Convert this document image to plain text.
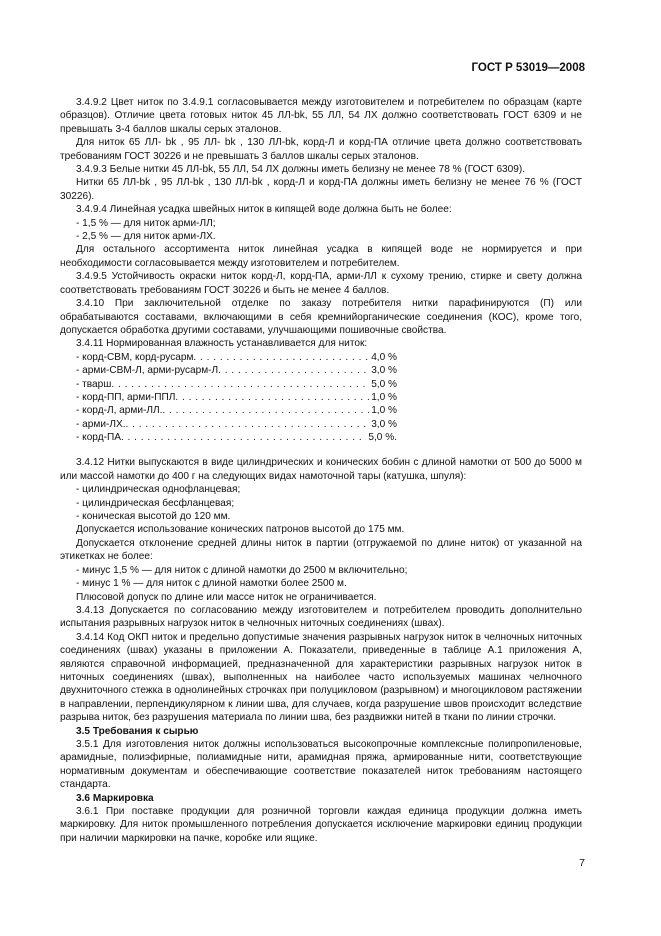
ГОСТ Р 53019—2008

3.4.9.2 Цвет ниток по 3.4.9.1 согласовывается между изготовителем и потребителем по образцам (карте образцов). Отличие цвета готовых ниток 45 ЛЛ-bk, 55 ЛЛ, 54 ЛХ должно соответствовать ГОСТ 6309 и не превышать 3-4 баллов шкалы серых эталонов.

Для ниток 65 ЛЛ- bk , 95 ЛЛ- bk , 130 ЛЛ-bk, корд-Л и корд-ПА отличие цвета должно соответствовать требованиям ГОСТ 30226 и не превышать 3 баллов шкалы серых эталонов.

3.4.9.3 Белые нитки 45 ЛЛ-bk, 55 ЛЛ, 54 ЛХ должны иметь белизну не менее 78 % (ГОСТ 6309).

Нитки 65 ЛЛ-bk , 95 ЛЛ-bk , 130 ЛЛ-bk , корд-Л и корд-ПА должны иметь белизну не менее 76 % (ГОСТ 30226).

3.4.9.4 Линейная усадка швейных ниток в кипящей воде должна быть не более:

- 1,5 % — для ниток арми-ЛЛ;

- 2,5 % — для ниток арми-ЛХ.

Для остального ассортимента ниток линейная усадка в кипящей воде не нормируется и при необходимости согласовывается между изготовителем и потребителем.

3.4.9.5 Устойчивость окраски ниток корд-Л, корд-ПА, арми-ЛЛ к сухому трению, стирке и свету должна соответствовать требованиям ГОСТ 30226 и быть не менее 4 баллов.

3.4.10 При заключительной отделке по заказу потребителя нитки парафинируются (П) или обрабатываются составами, включающими в себя кремнийорганические соединения (КОС), кроме того, допускается обработка другими составами, улучшающими пошивочные свойства.

3.4.11 Нормированная влажность устанавливается для ниток:

- корд-СВМ, корд-русарм . . .	4,0 %
- арми-СВМ-Л, арми-русарм-Л . . .	3,0 %
- тварш . . .	5,0 %
- корд-ПП, арми-ППЛ . . .	1,0 %
- корд-Л, арми-ЛЛ. . . .	1,0 %
- арми-ЛХ. . . .	3,0 %
- корд-ПА . . .	5,0 %.

3.4.12 Нитки выпускаются в виде цилиндрических и конических бобин с длиной намотки от 500 до 5000 м или массой намотки до 400 г на следующих видах намоточной тары (катушка, шпуля):

- цилиндрическая однофланцевая;

- цилиндрическая бесфланцевая;

- коническая высотой до 120 мм.

Допускается использование конических патронов высотой до 175 мм.

Допускается отклонение средней длины ниток в партии (отгружаемой по длине ниток) от указанной на этикетках не более:

- минус 1,5 % — для ниток с длиной намотки до 2500 м включительно;

- минус 1 % — для ниток с длиной намотки более 2500 м.

Плюсовой допуск по длине или массе ниток не ограничивается.

3.4.13 Допускается по согласованию между изготовителем и потребителем проводить дополнительно испытания разрывных нагрузок ниток в челночных ниточных соединениях (швах).

3.4.14 Код ОКП ниток и предельно допустимые значения разрывных нагрузок ниток в челночных ниточных соединениях (швах) указаны в приложении А. Показатели, приведенные в таблице А.1 приложения А, являются справочной информацией, предназначенной для характеристики разрывных нагрузок ниток в ниточных соединениях (швах), выполненных на наиболее часто используемых машинах челночного двухниточного стежка в однолинейных строчках при полуцикловом (разрывном) и многоцикловом растяжении в направлении, перпендикулярном к линии шва, для случаев, когда разрушение швов происходит вследствие разрыва ниток, без разрушения материала по линии шва, без раздвижки нитей в ткани по линии строчки.

3.5 Требования к сырью

3.5.1 Для изготовления ниток должны использоваться высокопрочные комплексные полипропиленовые, арамидные, полиэфирные, полиамидные нити, арамидная пряжа, армированные нити, соответствующие нормативным документам и обеспечивающие соответствие показателей ниток требованиям настоящего стандарта.

3.6 Маркировка

3.6.1 При поставке продукции для розничной торговли каждая единица продукции должна иметь маркировку. Для ниток промышленного потребления допускается исключение маркировки единиц продукции при наличии маркировки на пачке, коробке или ящике.

7
